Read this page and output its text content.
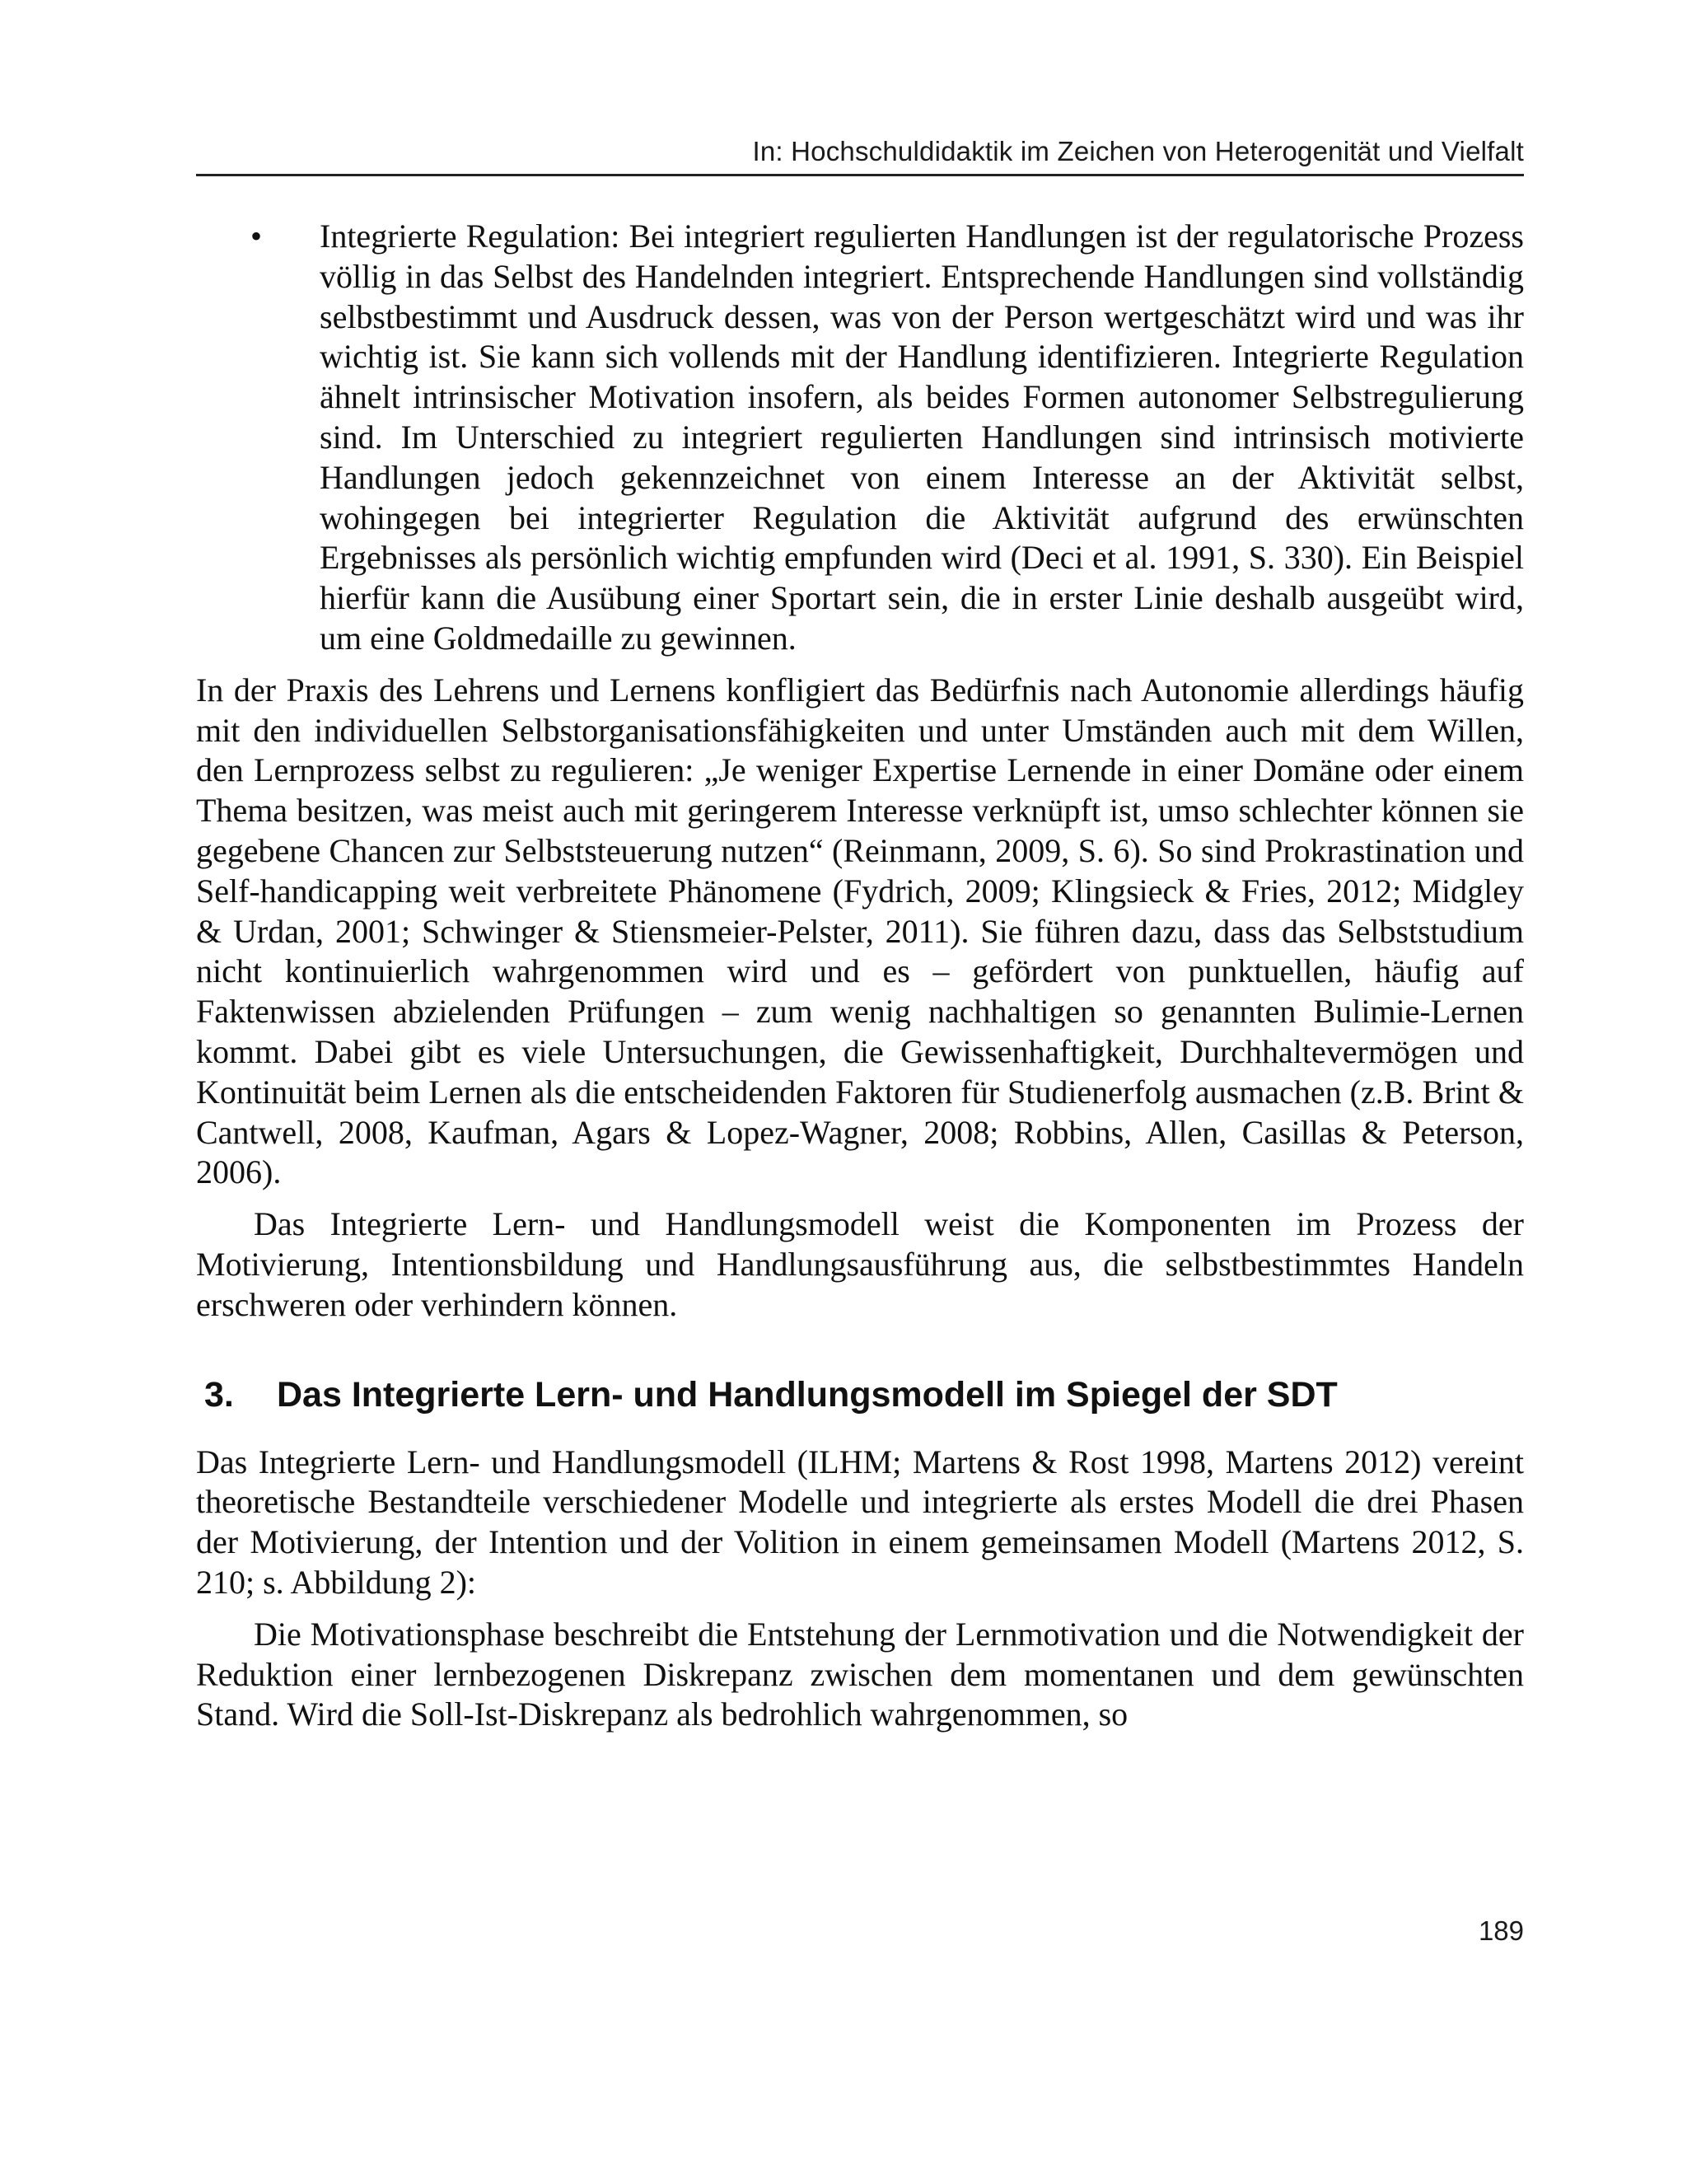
In: Hochschuldidaktik im Zeichen von Heterogenität und Vielfalt
• Integrierte Regulation: Bei integriert regulierten Handlungen ist der regulatorische Prozess völlig in das Selbst des Handelnden integriert. Entsprechende Handlungen sind vollständig selbstbestimmt und Ausdruck dessen, was von der Person wertgeschätzt wird und was ihr wichtig ist. Sie kann sich vollends mit der Handlung identifizieren. Integrierte Regulation ähnelt intrinsischer Motivation insofern, als beides Formen autonomer Selbstregulierung sind. Im Unterschied zu integriert regulierten Handlungen sind intrinsisch motivierte Handlungen jedoch gekennzeichnet von einem Interesse an der Aktivität selbst, wohingegen bei integrierter Regulation die Aktivität aufgrund des erwünschten Ergebnisses als persönlich wichtig empfunden wird (Deci et al. 1991, S. 330). Ein Beispiel hierfür kann die Ausübung einer Sportart sein, die in erster Linie deshalb ausgeübt wird, um eine Goldmedaille zu gewinnen.

In der Praxis des Lehrens und Lernens konfligiert das Bedürfnis nach Autonomie allerdings häufig mit den individuellen Selbstorganisationsfähigkeiten und unter Umständen auch mit dem Willen, den Lernprozess selbst zu regulieren: „Je weniger Expertise Lernende in einer Domäne oder einem Thema besitzen, was meist auch mit geringerem Interesse verknüpft ist, umso schlechter können sie gegebene Chancen zur Selbststeuerung nutzen“ (Reinmann, 2009, S. 6). So sind Prokrastination und Self-handicapping weit verbreitete Phänomene (Fydrich, 2009; Klingsieck & Fries, 2012; Midgley & Urdan, 2001; Schwinger & Stiensmeier-Pelster, 2011). Sie führen dazu, dass das Selbststudium nicht kontinuierlich wahrgenommen wird und es – gefördert von punktuellen, häufig auf Faktenwissen abzielenden Prüfungen – zum wenig nachhaltigen so genannten Bulimie-Lernen kommt. Dabei gibt es viele Untersuchungen, die Gewissenhaftigkeit, Durchhaltevermögen und Kontinuität beim Lernen als die entscheidenden Faktoren für Studienerfolg ausmachen (z.B. Brint & Cantwell, 2008, Kaufman, Agars & Lopez-Wagner, 2008; Robbins, Allen, Casillas & Peterson, 2006).

Das Integrierte Lern- und Handlungsmodell weist die Komponenten im Prozess der Motivierung, Intentionsbildung und Handlungsausführung aus, die selbstbestimmtes Handeln erschweren oder verhindern können.

3. Das Integrierte Lern- und Handlungsmodell im Spiegel der SDT

Das Integrierte Lern- und Handlungsmodell (ILHM; Martens & Rost 1998, Martens 2012) vereint theoretische Bestandteile verschiedener Modelle und integrierte als erstes Modell die drei Phasen der Motivierung, der Intention und der Volition in einem gemeinsamen Modell (Martens 2012, S. 210; s. Abbildung 2):

Die Motivationsphase beschreibt die Entstehung der Lernmotivation und die Notwendigkeit der Reduktion einer lernbezogenen Diskrepanz zwischen dem momentanen und dem gewünschten Stand. Wird die Soll-Ist-Diskrepanz als bedrohlich wahrgenommen, so

189
